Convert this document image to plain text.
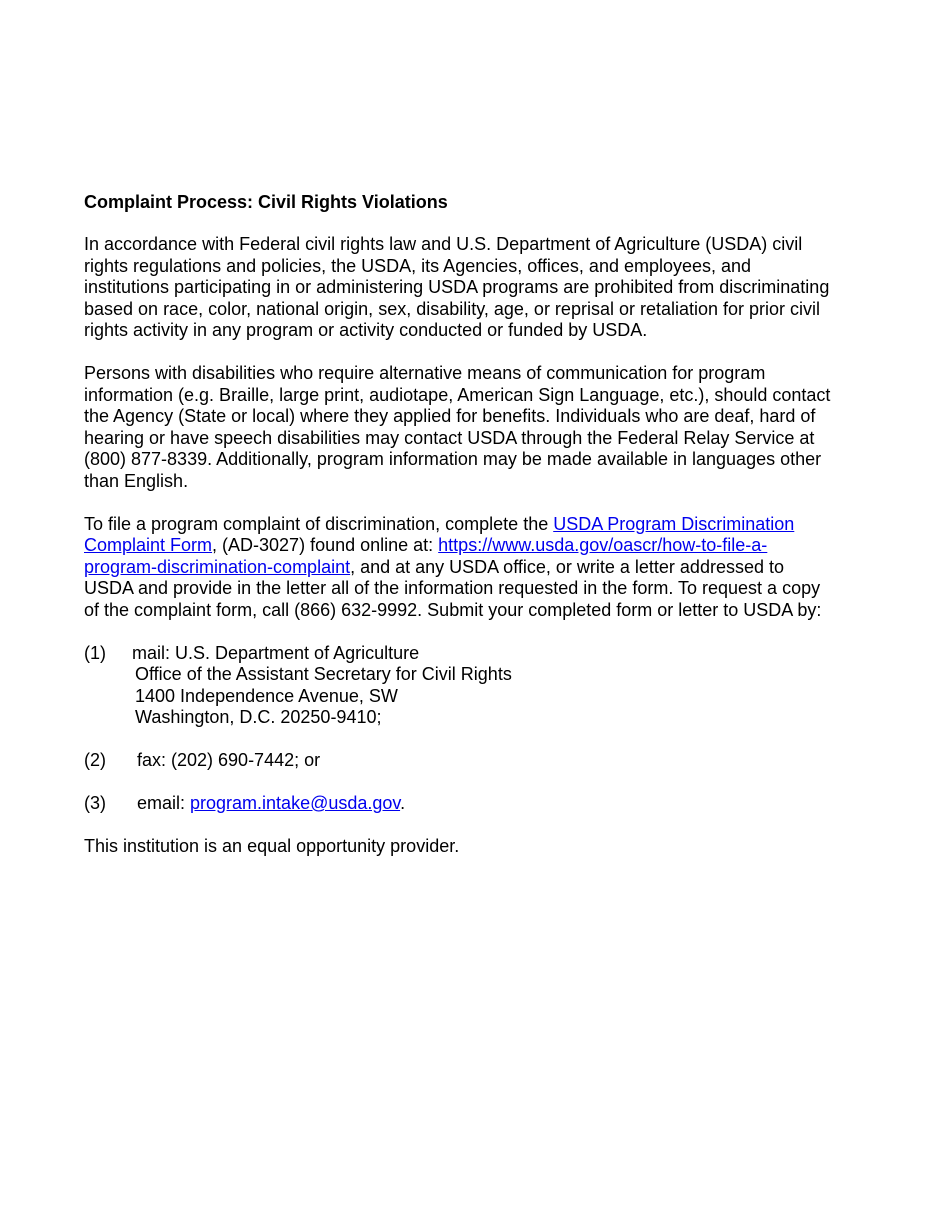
Complaint Process: Civil Rights Violations
In accordance with Federal civil rights law and U.S. Department of Agriculture (USDA) civil
rights regulations and policies, the USDA, its Agencies, offices, and employees, and
institutions participating in or administering USDA programs are prohibited from discriminating
based on race, color, national origin, sex, disability, age, or reprisal or retaliation for prior civil
rights activity in any program or activity conducted or funded by USDA.
Persons with disabilities who require alternative means of communication for program
information (e.g. Braille, large print, audiotape, American Sign Language, etc.), should contact
the Agency (State or local) where they applied for benefits. Individuals who are deaf, hard of
hearing or have speech disabilities may contact USDA through the Federal Relay Service at
(800) 877-8339. Additionally, program information may be made available in languages other
than English.
To file a program complaint of discrimination, complete the USDA Program Discrimination
Complaint Form, (AD-3027) found online at: https://www.usda.gov/oascr/how-to-file-a-
program-discrimination-complaint, and at any USDA office, or write a letter addressed to
USDA and provide in the letter all of the information requested in the form. To request a copy
of the complaint form, call (866) 632-9992. Submit your completed form or letter to USDA by:
(1) mail: U.S. Department of Agriculture
Office of the Assistant Secretary for Civil Rights
1400 Independence Avenue, SW
Washington, D.C. 20250-9410;
(2) fax: (202) 690-7442; or
(3) email: program.intake@usda.gov.
This institution is an equal opportunity provider.
